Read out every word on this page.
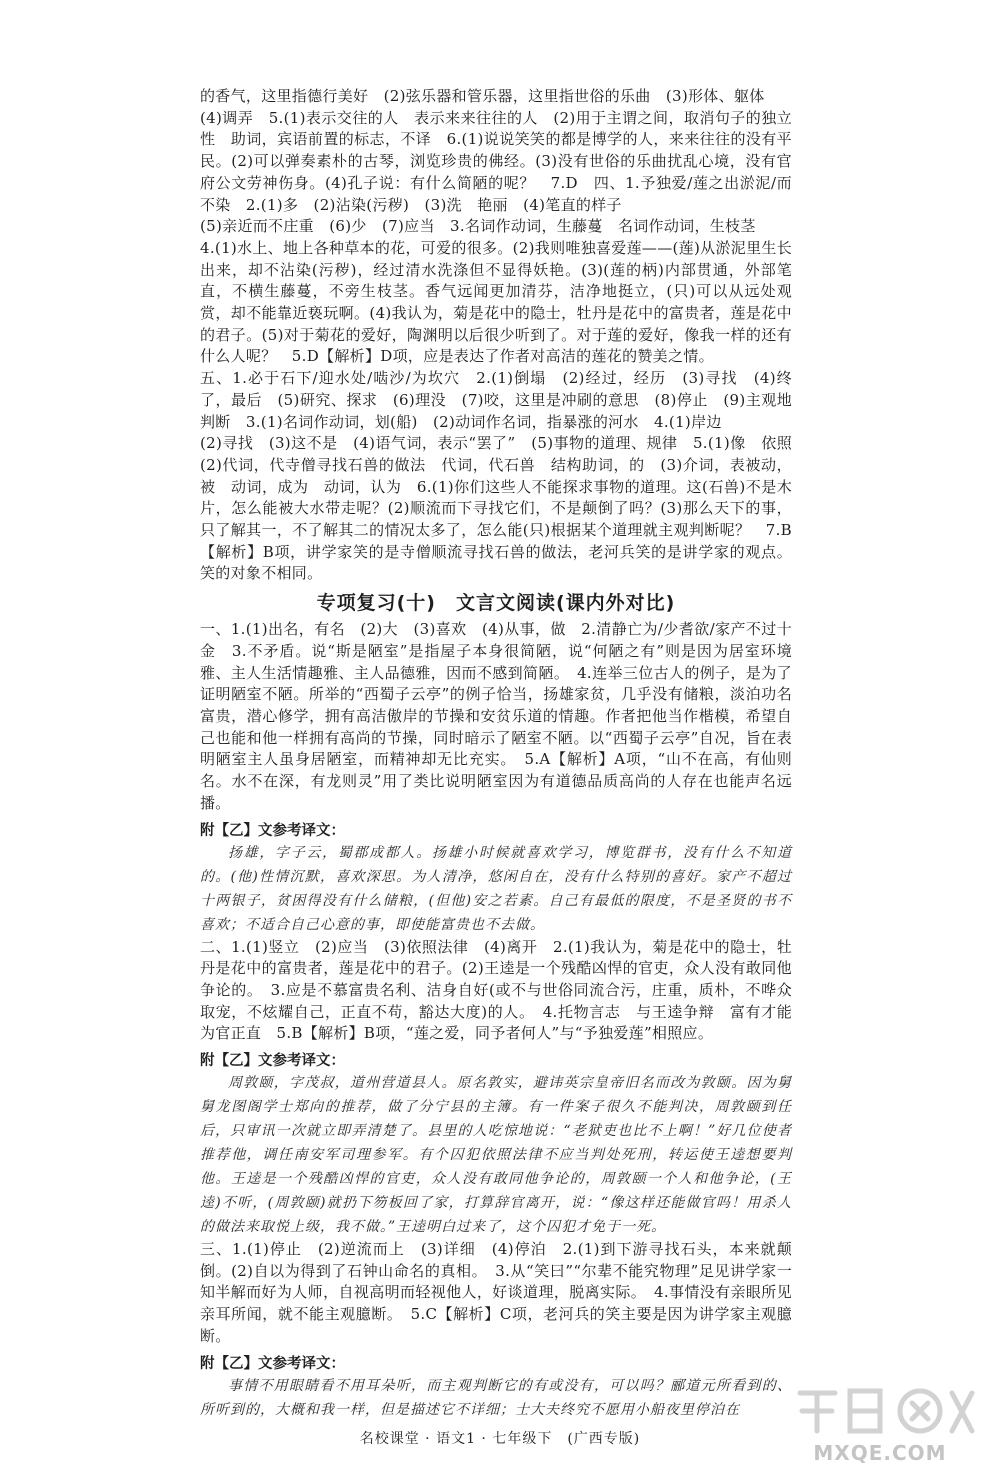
的香气，这里指德行美好　(2)弦乐器和管乐器，这里指世俗的乐曲　(3)形体、躯体

(4)调弄　5.(1)表示交往的人　表示来来往往的人　(2)用于主谓之间，取消句子的独立性　助词，宾语前置的标志，不译　6.(1)说说笑笑的都是博学的人，来来往往的没有平民。(2)可以弹奏素朴的古琴，浏览珍贵的佛经。(3)没有世俗的乐曲扰乱心境，没有官府公文劳神伤身。(4)孔子说：有什么简陋的呢？　7.D　四、1.予独爱/莲之出淤泥/而不染　2.(1)多　(2)沾染(污秽)　(3)洗　艳丽　(4)笔直的样子

(5)亲近而不庄重　(6)少　(7)应当　3.名词作动词，生藤蔓　名词作动词，生枝茎

4.(1)水上、地上各种草本的花，可爱的很多。(2)我则唯独喜爱莲——(莲)从淤泥里生长出来，却不沾染(污秽)，经过清水洗涤但不显得妖艳。(3)(莲的柄)内部贯通，外部笔直，不横生藤蔓，不旁生枝茎。香气远闻更加清芬，洁净地挺立，(只)可以从远处观赏，却不能靠近亵玩啊。(4)我认为，菊是花中的隐士，牡丹是花中的富贵者，莲是花中的君子。(5)对于菊花的爱好，陶渊明以后很少听到了。对于莲的爱好，像我一样的还有什么人呢？　5.D【解析】D项，应是表达了作者对高洁的莲花的赞美之情。

五、1.必于石下/迎水处/啮沙/为坎穴　2.(1)倒塌　(2)经过，经历　(3)寻找　(4)终了，最后　(5)研究、探求　(6)理没　(7)咬，这里是冲刷的意思　(8)停止　(9)主观地判断　3.(1)名词作动词，划(船)　(2)动词作名词，指暴涨的河水　4.(1)岸边

(2)寻找　(3)这不是　(4)语气词，表示“罢了”　(5)事物的道理、规律　5.(1)像　依照　(2)代词，代寺僧寻找石兽的做法　代词，代石兽　结构助词，的　(3)介词，表被动，被　动词，成为　动词，认为　6.(1)你们这些人不能探求事物的道理。这(石兽)不是木片，怎么能被大水带走呢？(2)顺流而下寻找它们，不是颠倒了吗？(3)那么天下的事，只了解其一，不了解其二的情况太多了，怎么能(只)根据某个道理就主观判断呢？　7.B【解析】B项，讲学家笑的是寺僧顺流寻找石兽的做法，老河兵笑的是讲学家的观点。笑的对象不相同。

专项复习(十)　文言文阅读(课内外对比)

一、1.(1)出名，有名　(2)大　(3)喜欢　(4)从事，做　2.清静亡为/少耆欲/家产不过十金　3.不矛盾。说“斯是陋室”是指屋子本身很简陋，说“何陋之有”则是因为居室环境雅、主人生活情趣雅、主人品德雅，因而不感到简陋。　4.连举三位古人的例子，是为了证明陋室不陋。所举的“西蜀子云亭”的例子恰当，扬雄家贫，几乎没有储粮，淡泊功名富贵，潜心修学，拥有高洁傲岸的节操和安贫乐道的情趣。作者把他当作楷模，希望自己也能和他一样拥有高尚的节操，同时暗示了陋室不陋。以“西蜀子云亭”自况，旨在表明陋室主人虽身居陋室，而精神却无比充实。　5.A【解析】A项，“山不在高，有仙则名。水不在深，有龙则灵”用了类比说明陋室因为有道德品质高尚的人存在也能声名远播。

附【乙】文参考译文：

扬雄，字子云，蜀郡成都人。扬雄小时候就喜欢学习，博览群书，没有什么不知道的。(他)性情沉默，喜欢深思。为人清净，悠闲自在，没有什么特别的喜好。家产不超过十两银子，贫困得没有什么储粮，(但他)安之若素。自己有最低的限度，不是圣贤的书不喜欢；不适合自己心意的事，即使能富贵也不去做。

二、1.(1)竖立　(2)应当　(3)依照法律　(4)离开　2.(1)我认为，菊是花中的隐士，牡丹是花中的富贵者，莲是花中的君子。(2)王逵是一个残酷凶悍的官吏，众人没有敢同他争论的。　3.应是不慕富贵名利、洁身自好(或不与世俗同流合污，庄重，质朴，不哗众取宠，不炫耀自己，正直不苟，豁达大度)的人。　4.托物言志　与王逵争辩　富有才能　为官正直　5.B【解析】B项，“莲之爱，同予者何人”与“予独爱莲”相照应。

附【乙】文参考译文：

周敦颐，字茂叔，道州营道县人。原名敦实，避讳英宗皇帝旧名而改为敦颐。因为舅舅龙图阁学士郑向的推荐，做了分宁县的主簿。有一件案子很久不能判决，周敦颐到任后，只审讯一次就立即弄清楚了。县里的人吃惊地说：“老狱吏也比不上啊！”好几位使者推荐他，调任南安军司理参军。有个囚犯依照法律不应当判处死刑，转运使王逵想要判他。王逵是一个残酷凶悍的官吏，众人没有敢同他争论的，周敦颐一个人和他争论，(王逵)不听，(周敦颐)就扔下笏板回了家，打算辞官离开，说：“像这样还能做官吗！用杀人的做法来取悦上级，我不做。”王逵明白过来了，这个囚犯才免于一死。

三、1.(1)停止　(2)逆流而上　(3)详细　(4)停泊　2.(1)到下游寻找石头，本来就颠倒。(2)自以为得到了石钟山命名的真相。　3.从“笑曰”“尔辈不能究物理”足见讲学家一知半解而好为人师，自视高明而轻视他人，好谈道理，脱离实际。　4.事情没有亲眼所见亲耳所闻，就不能主观臆断。　5.C【解析】C项，老河兵的笑主要是因为讲学家主观臆断。

附【乙】文参考译文：

事情不用眼睛看不用耳朵听，而主观判断它的有或没有，可以吗？郦道元所看到的、所听到的，大概和我一样，但是描述它不详细；士大夫终究不愿用小船夜里停泊在

名校课堂 · 语文1 · 七年级下　(广西专版)
MXQE.COM
